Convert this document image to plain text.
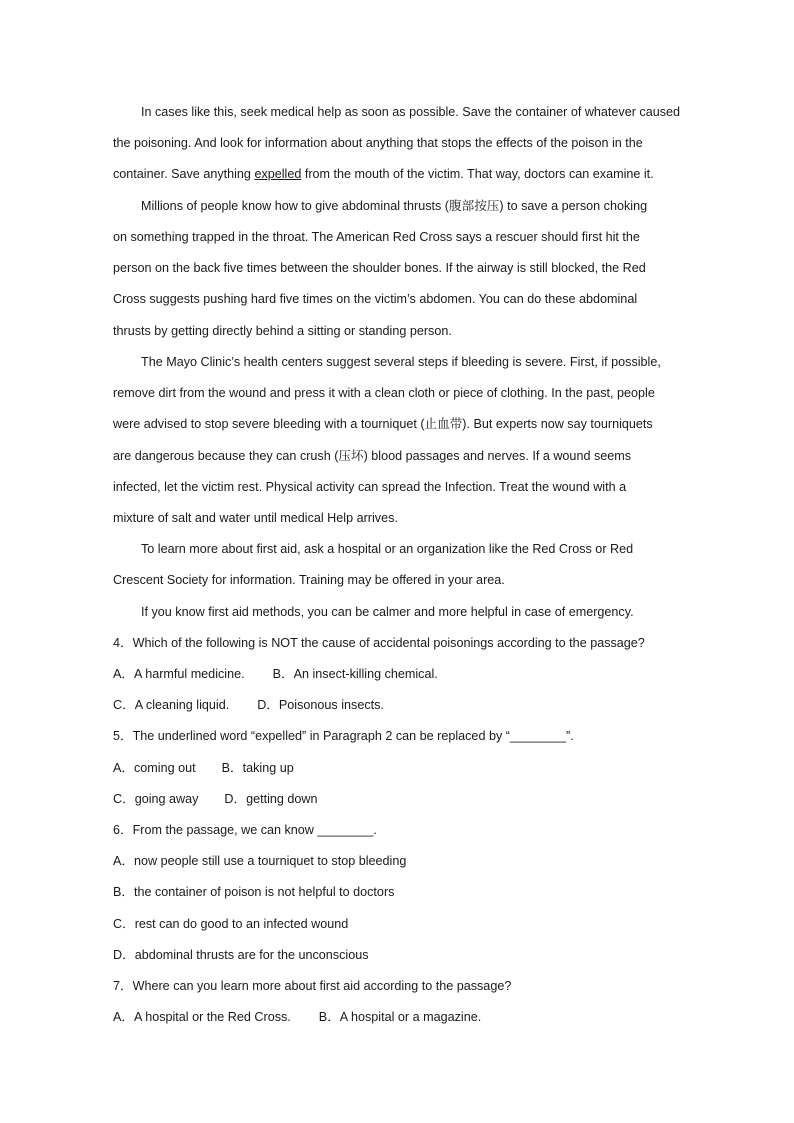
In cases like this, seek medical help as soon as possible. Save the container of whatever caused
the poisoning. And look for information about anything that stops the effects of the poison in the
container. Save anything expelled from the mouth of the victim. That way, doctors can examine it.
Millions of people know how to give abdominal thrusts (腹部按压) to save a person choking
on something trapped in the throat. The American Red Cross says a rescuer should first hit the
person on the back five times between the shoulder bones. If the airway is still blocked, the Red
Cross suggests pushing hard five times on the victim’s abdomen. You can do these abdominal
thrusts by getting directly behind a sitting or standing person.
The Mayo Clinic’s health centers suggest several steps if bleeding is severe. First, if possible,
remove dirt from the wound and press it with a clean cloth or piece of clothing. In the past, people
were advised to stop severe bleeding with a tourniquet (止血带). But experts now say tourniquets
are dangerous because they can crush (压坏) blood passages and nerves. If a wound seems
infected, let the victim rest. Physical activity can spread the Infection. Treat the wound with a
mixture of salt and water until medical Help arrives.
To learn more about first aid, ask a hospital or an organization like the Red Cross or Red
Crescent Society for information. Training may be offered in your area.
If you know first aid methods, you can be calmer and more helpful in case of emergency.
4．Which of the following is NOT the cause of accidental poisonings according to the passage?
A．A harmful medicine. B．An insect-killing chemical.
C．A cleaning liquid. D．Poisonous insects.
5．The underlined word “expelled” in Paragraph 2 can be replaced by “________”.
A．coming out B．taking up
C．going away D．getting down
6．From the passage, we can know ________.
A．now people still use a tourniquet to stop bleeding
B．the container of poison is not helpful to doctors
C．rest can do good to an infected wound
D．abdominal thrusts are for the unconscious
7．Where can you learn more about first aid according to the passage?
A．A hospital or the Red Cross. B．A hospital or a magazine.
